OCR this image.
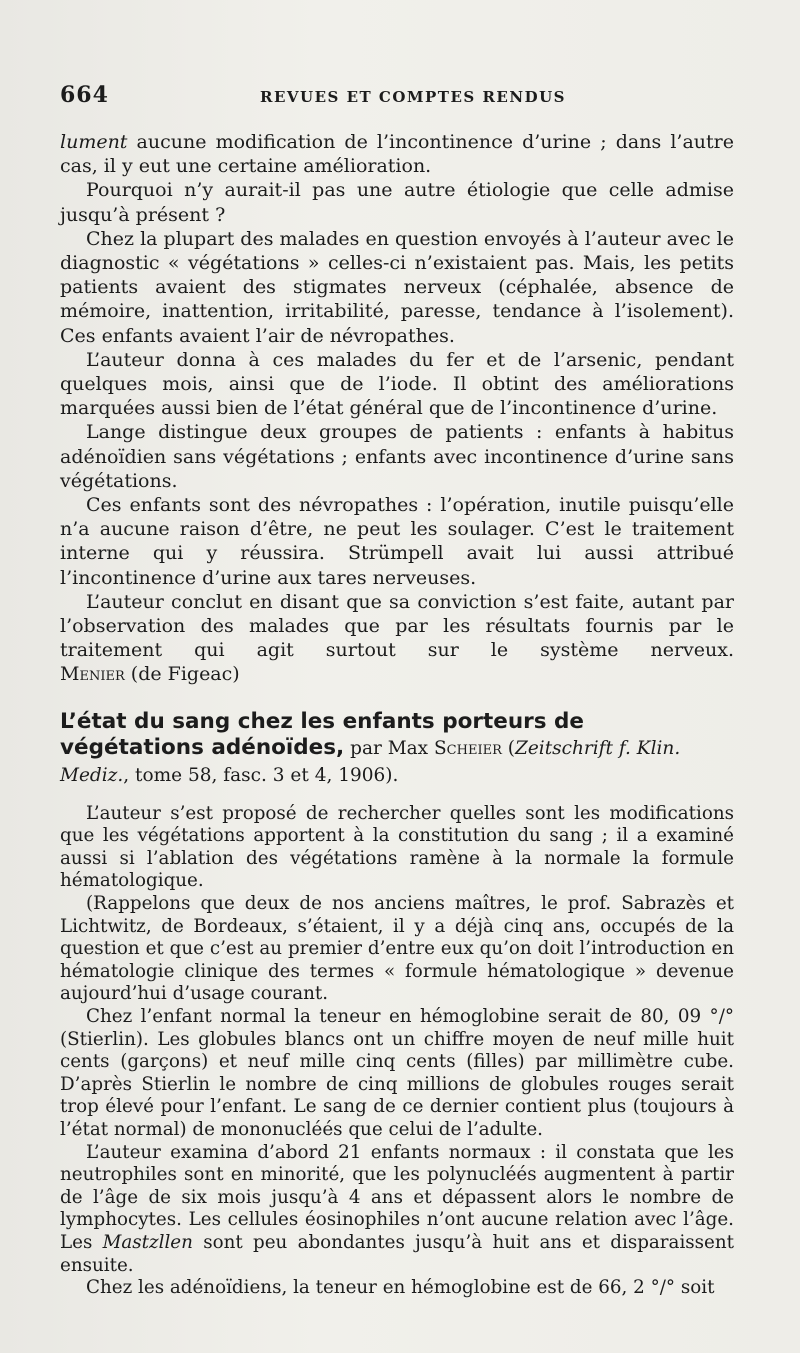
664	REVUES ET COMPTES RENDUS

lument aucune modification de l’incontinence d’urine ; dans l’autre cas, il y eut une certaine amélioration.

Pourquoi n’y aurait-il pas une autre étiologie que celle admise jusqu’à présent ?

Chez la plupart des malades en question envoyés à l’auteur avec le diagnostic « végétations » celles-ci n’existaient pas. Mais, les petits patients avaient des stigmates nerveux (céphalée, absence de mémoire, inattention, irritabilité, paresse, tendance à l’isolement). Ces enfants avaient l’air de névropathes.

L’auteur donna à ces malades du fer et de l’arsenic, pendant quelques mois, ainsi que de l’iode. Il obtint des améliorations marquées aussi bien de l’état général que de l’incontinence d’urine.

Lange distingue deux groupes de patients : enfants à habitus adénoïdien sans végétations ; enfants avec incontinence d’urine sans végétations.

Ces enfants sont des névropathes : l’opération, inutile puisqu’elle n’a aucune raison d’être, ne peut les soulager. C’est le traitement interne qui y réussira. Strümpell avait lui aussi attribué l’incontinence d’urine aux tares nerveuses.

L’auteur conclut en disant que sa conviction s’est faite, autant par l’observation des malades que par les résultats fournis par le traitement qui agit surtout sur le système nerveux. Menier (de Figeac)

L’état du sang chez les enfants porteurs de végétations adénoïdes, par Max Scheier (Zeitschrift f. Klin. Mediz., tome 58, fasc. 3 et 4, 1906).

L’auteur s’est proposé de rechercher quelles sont les modifications que les végétations apportent à la constitution du sang ; il a examiné aussi si l’ablation des végétations ramène à la normale la formule hématologique.

(Rappelons que deux de nos anciens maîtres, le prof. Sabrazès et Lichtwitz, de Bordeaux, s’étaient, il y a déjà cinq ans, occupés de la question et que c’est au premier d’entre eux qu’on doit l’introduction en hématologie clinique des termes « formule hématologique » devenue aujourd’hui d’usage courant.

Chez l’enfant normal la teneur en hémoglobine serait de 80, 09 °/° (Stierlin). Les globules blancs ont un chiffre moyen de neuf mille huit cents (garçons) et neuf mille cinq cents (filles) par millimètre cube. D’après Stierlin le nombre de cinq millions de globules rouges serait trop élevé pour l’enfant. Le sang de ce dernier contient plus (toujours à l’état normal) de mononucléés que celui de l’adulte.

L’auteur examina d’abord 21 enfants normaux : il constata que les neutrophiles sont en minorité, que les polynucléés augmentent à partir de l’âge de six mois jusqu’à 4 ans et dépassent alors le nombre de lymphocytes. Les cellules éosinophiles n’ont aucune relation avec l’âge. Les Mastzllen sont peu abondantes jusqu’à huit ans et disparaissent ensuite.

Chez les adénoïdiens, la teneur en hémoglobine est de 66, 2 °/° soit
